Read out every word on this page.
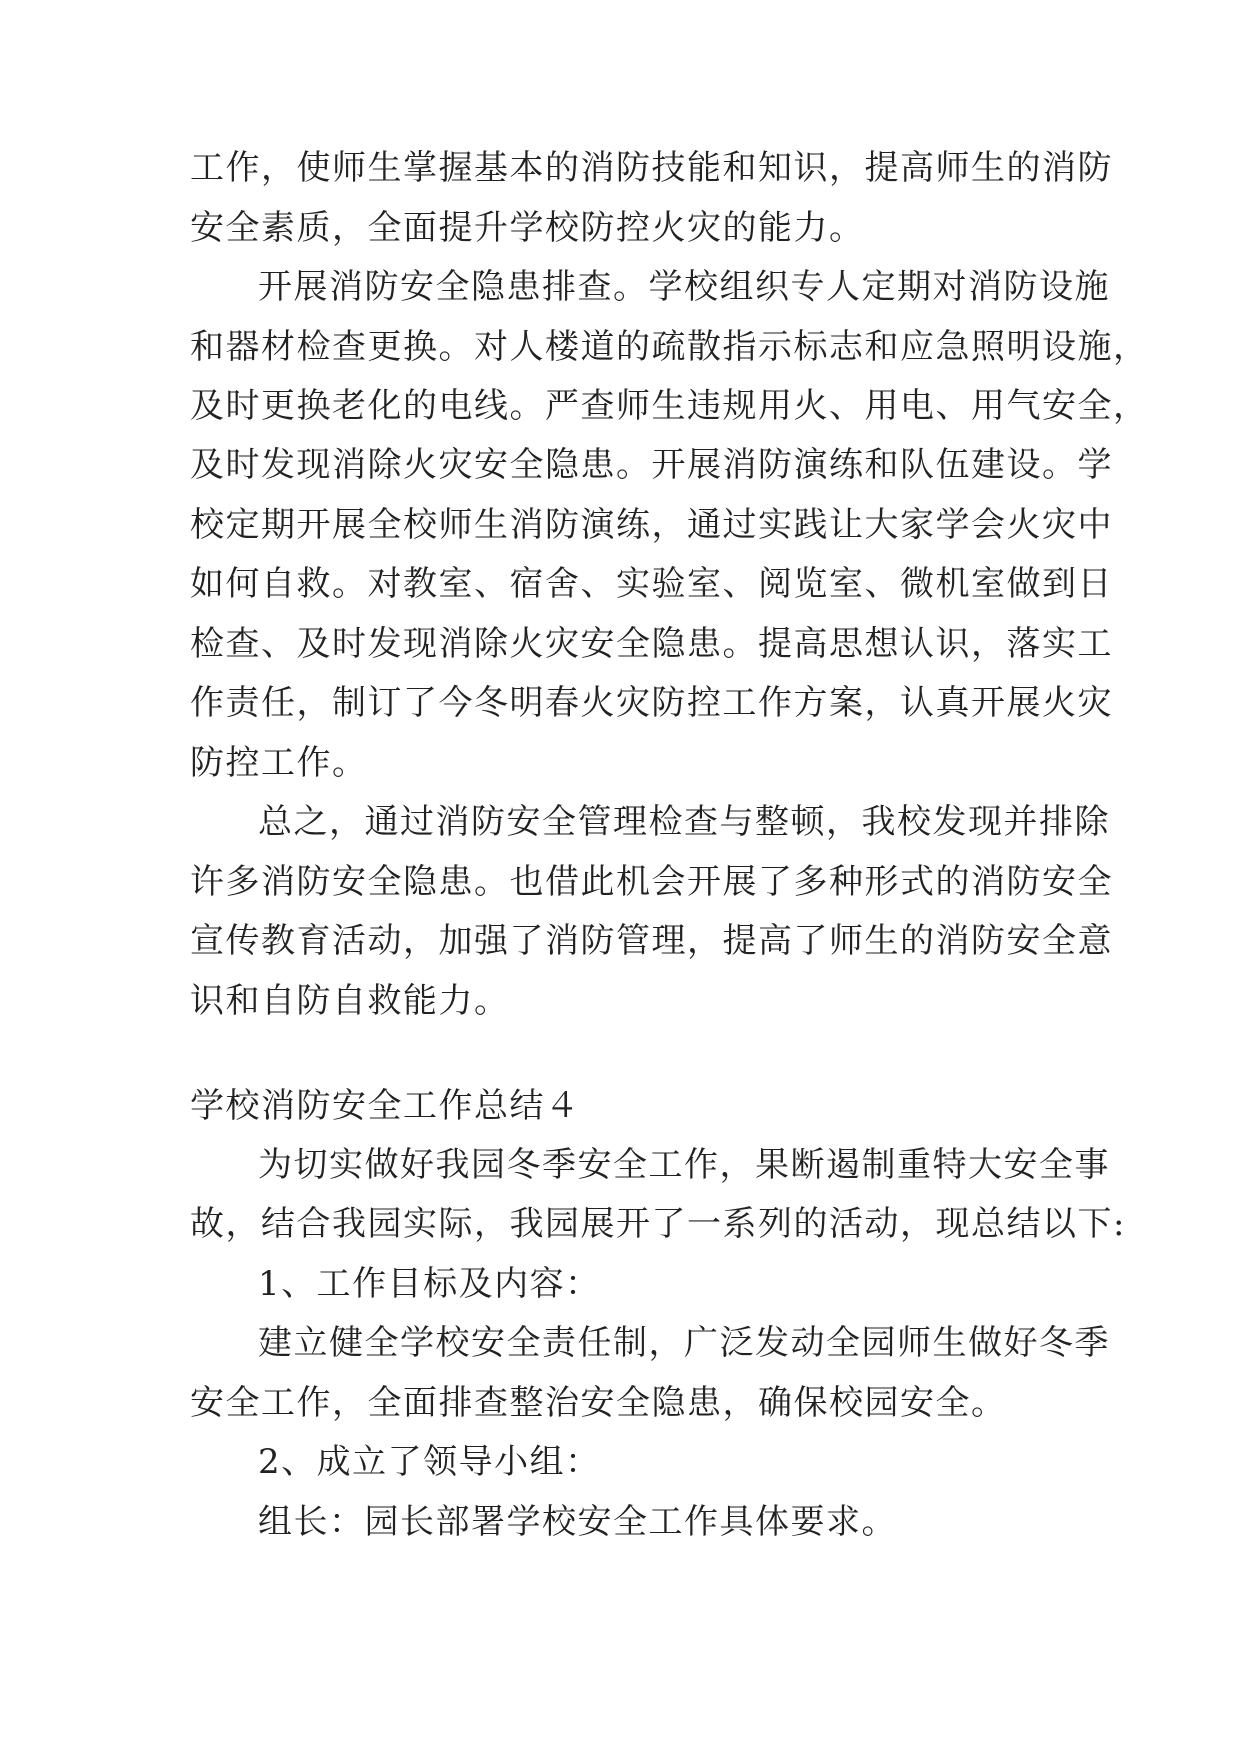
工作，使师生掌握基本的消防技能和知识，提高师生的消防
安全素质，全面提升学校防控火灾的能力。
开展消防安全隐患排查。学校组织专人定期对消防设施
和器材检查更换。对人楼道的疏散指示标志和应急照明设施，
及时更换老化的电线。严查师生违规用火、用电、用气安全，
及时发现消除火灾安全隐患。开展消防演练和队伍建设。学
校定期开展全校师生消防演练，通过实践让大家学会火灾中
如何自救。对教室、宿舍、实验室、阅览室、微机室做到日
检查、及时发现消除火灾安全隐患。提高思想认识，落实工
作责任，制订了今冬明春火灾防控工作方案，认真开展火灾
防控工作。
总之，通过消防安全管理检查与整顿，我校发现并排除
许多消防安全隐患。也借此机会开展了多种形式的消防安全
宣传教育活动，加强了消防管理，提高了师生的消防安全意
识和自防自救能力。
学校消防安全工作总结４
为切实做好我园冬季安全工作，果断遏制重特大安全事
故，结合我园实际，我园展开了一系列的活动，现总结以下:
1、工作目标及内容：
建立健全学校安全责任制，广泛发动全园师生做好冬季
安全工作，全面排查整治安全隐患，确保校园安全。
2、成立了领导小组：
组长：园长部署学校安全工作具体要求。
